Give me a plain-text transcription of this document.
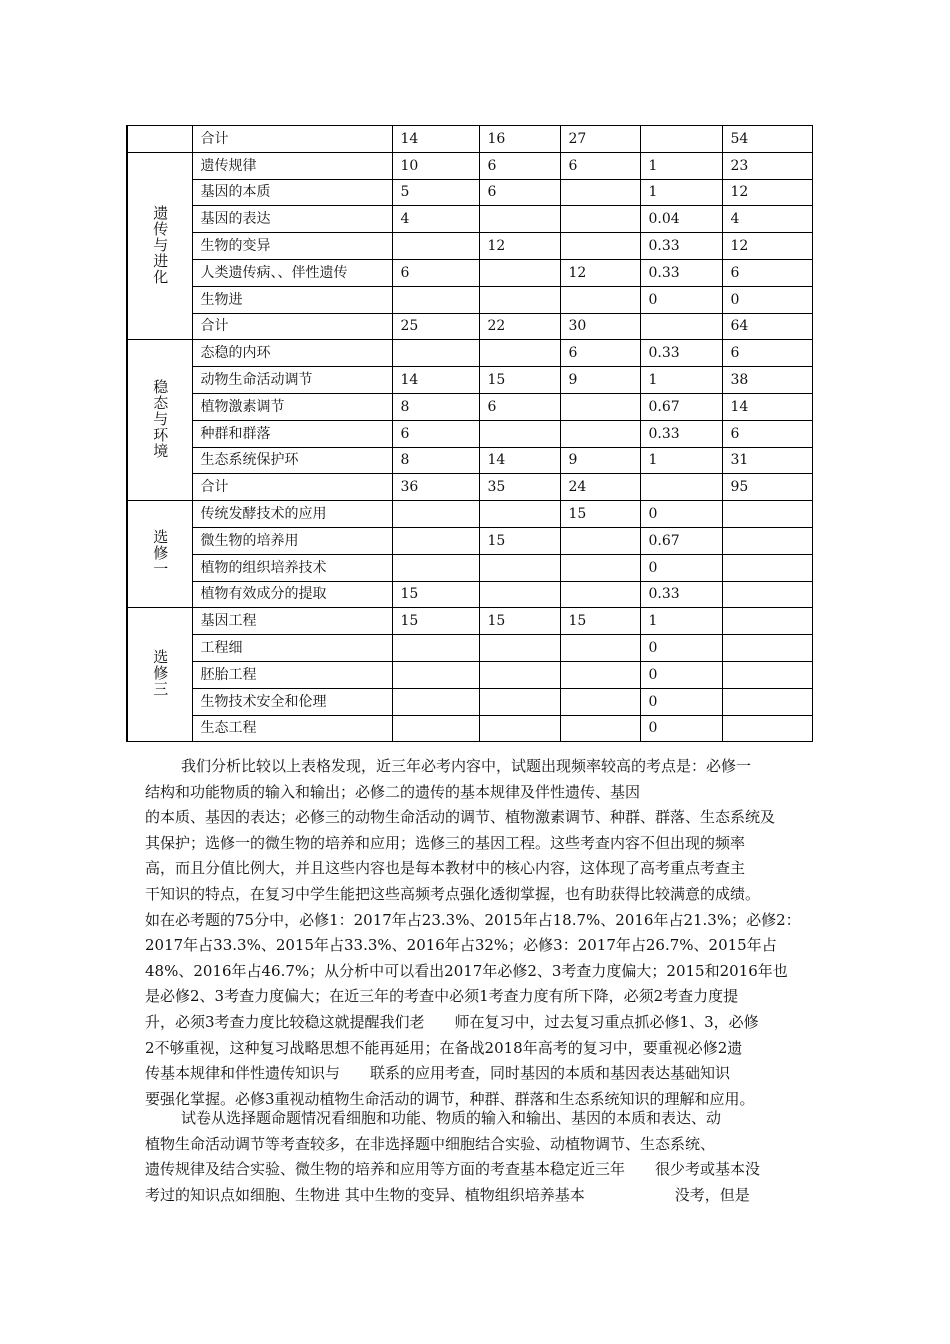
	合计	14	16	27		54
遗传与进化	遗传规律	10	6	6	1	23
	基因的本质	5	6		1	12
	基因的表达	4			0.04	4
	生物的变异		12		0.33	12
	人类遗传病、、伴性遗传	6		12	0.33	6
	生物进				0	0
	合计	25	22	30		64
稳态与环境	态稳的内环			6	0.33	6
	动物生命活动调节	14	15	9	1	38
	植物激素调节	8	6		0.67	14
	种群和群落	6			0.33	6
	生态系统保护环	8	14	9	1	31
	合计	36	35	24		95
选修一	传统发酵技术的应用			15	0	
	微生物的培养用		15		0.67	
	植物的组织培养技术				0	
	植物有效成分的提取	15			0.33	
选修三	基因工程	15	15	15	1	
	工程细				0	
	胚胎工程				0	
	生物技术安全和伦理				0	
	生态工程				0	

我们分析比较以上表格发现，近三年必考内容中，试题出现频率较高的考点是：必修一

结构和功能物质的输入和输出；必修二的遗传的基本规律及伴性遗传、基因

的本质、基因的表达；必修三的动物生命活动的调节、植物激素调节、种群、群落、生态系统及

其保护；选修一的微生物的培养和应用；选修三的基因工程。这些考查内容不但出现的频率

高，而且分值比例大，并且这些内容也是每本教材中的核心内容，这体现了高考重点考查主

干知识的特点，在复习中学生能把这些高频考点强化透彻掌握，也有助获得比较满意的成绩。

如在必考题的75分中，必修1：2017年占23.3%、2015年占18.7%、2016年占21.3%；必修2：

2017年占33.3%、2015年占33.3%、2016年占32%；必修3：2017年占26.7%、2015年占

48%、2016年占46.7%；从分析中可以看出2017年必修2、3考查力度偏大；2015和2016年也

是必修2、3考查力度偏大；在近三年的考查中必须1考查力度有所下降，必须2考查力度提

升，必须3考查力度比较稳这就提醒我们老　　师在复习中，过去复习重点抓必修1、3，必修

2不够重视，这种复习战略思想不能再延用；在备战2018年高考的复习中，要重视必修2遗

传基本规律和伴性遗传知识与　　联系的应用考查，同时基因的本质和基因表达基础知识

要强化掌握。必修3重视动植物生命活动的调节，种群、群落和生态系统知识的理解和应用。

试卷从选择题命题情况看细胞和功能、物质的输入和输出、基因的本质和表达、动

植物生命活动调节等考查较多，在非选择题中细胞结合实验、动植物调节、生态系统、

遗传规律及结合实验、微生物的培养和应用等方面的考查基本稳定近三年　　很少考或基本没

考过的知识点如细胞、生物进 其中生物的变异、植物组织培养基本　　　　　　没考，但是
